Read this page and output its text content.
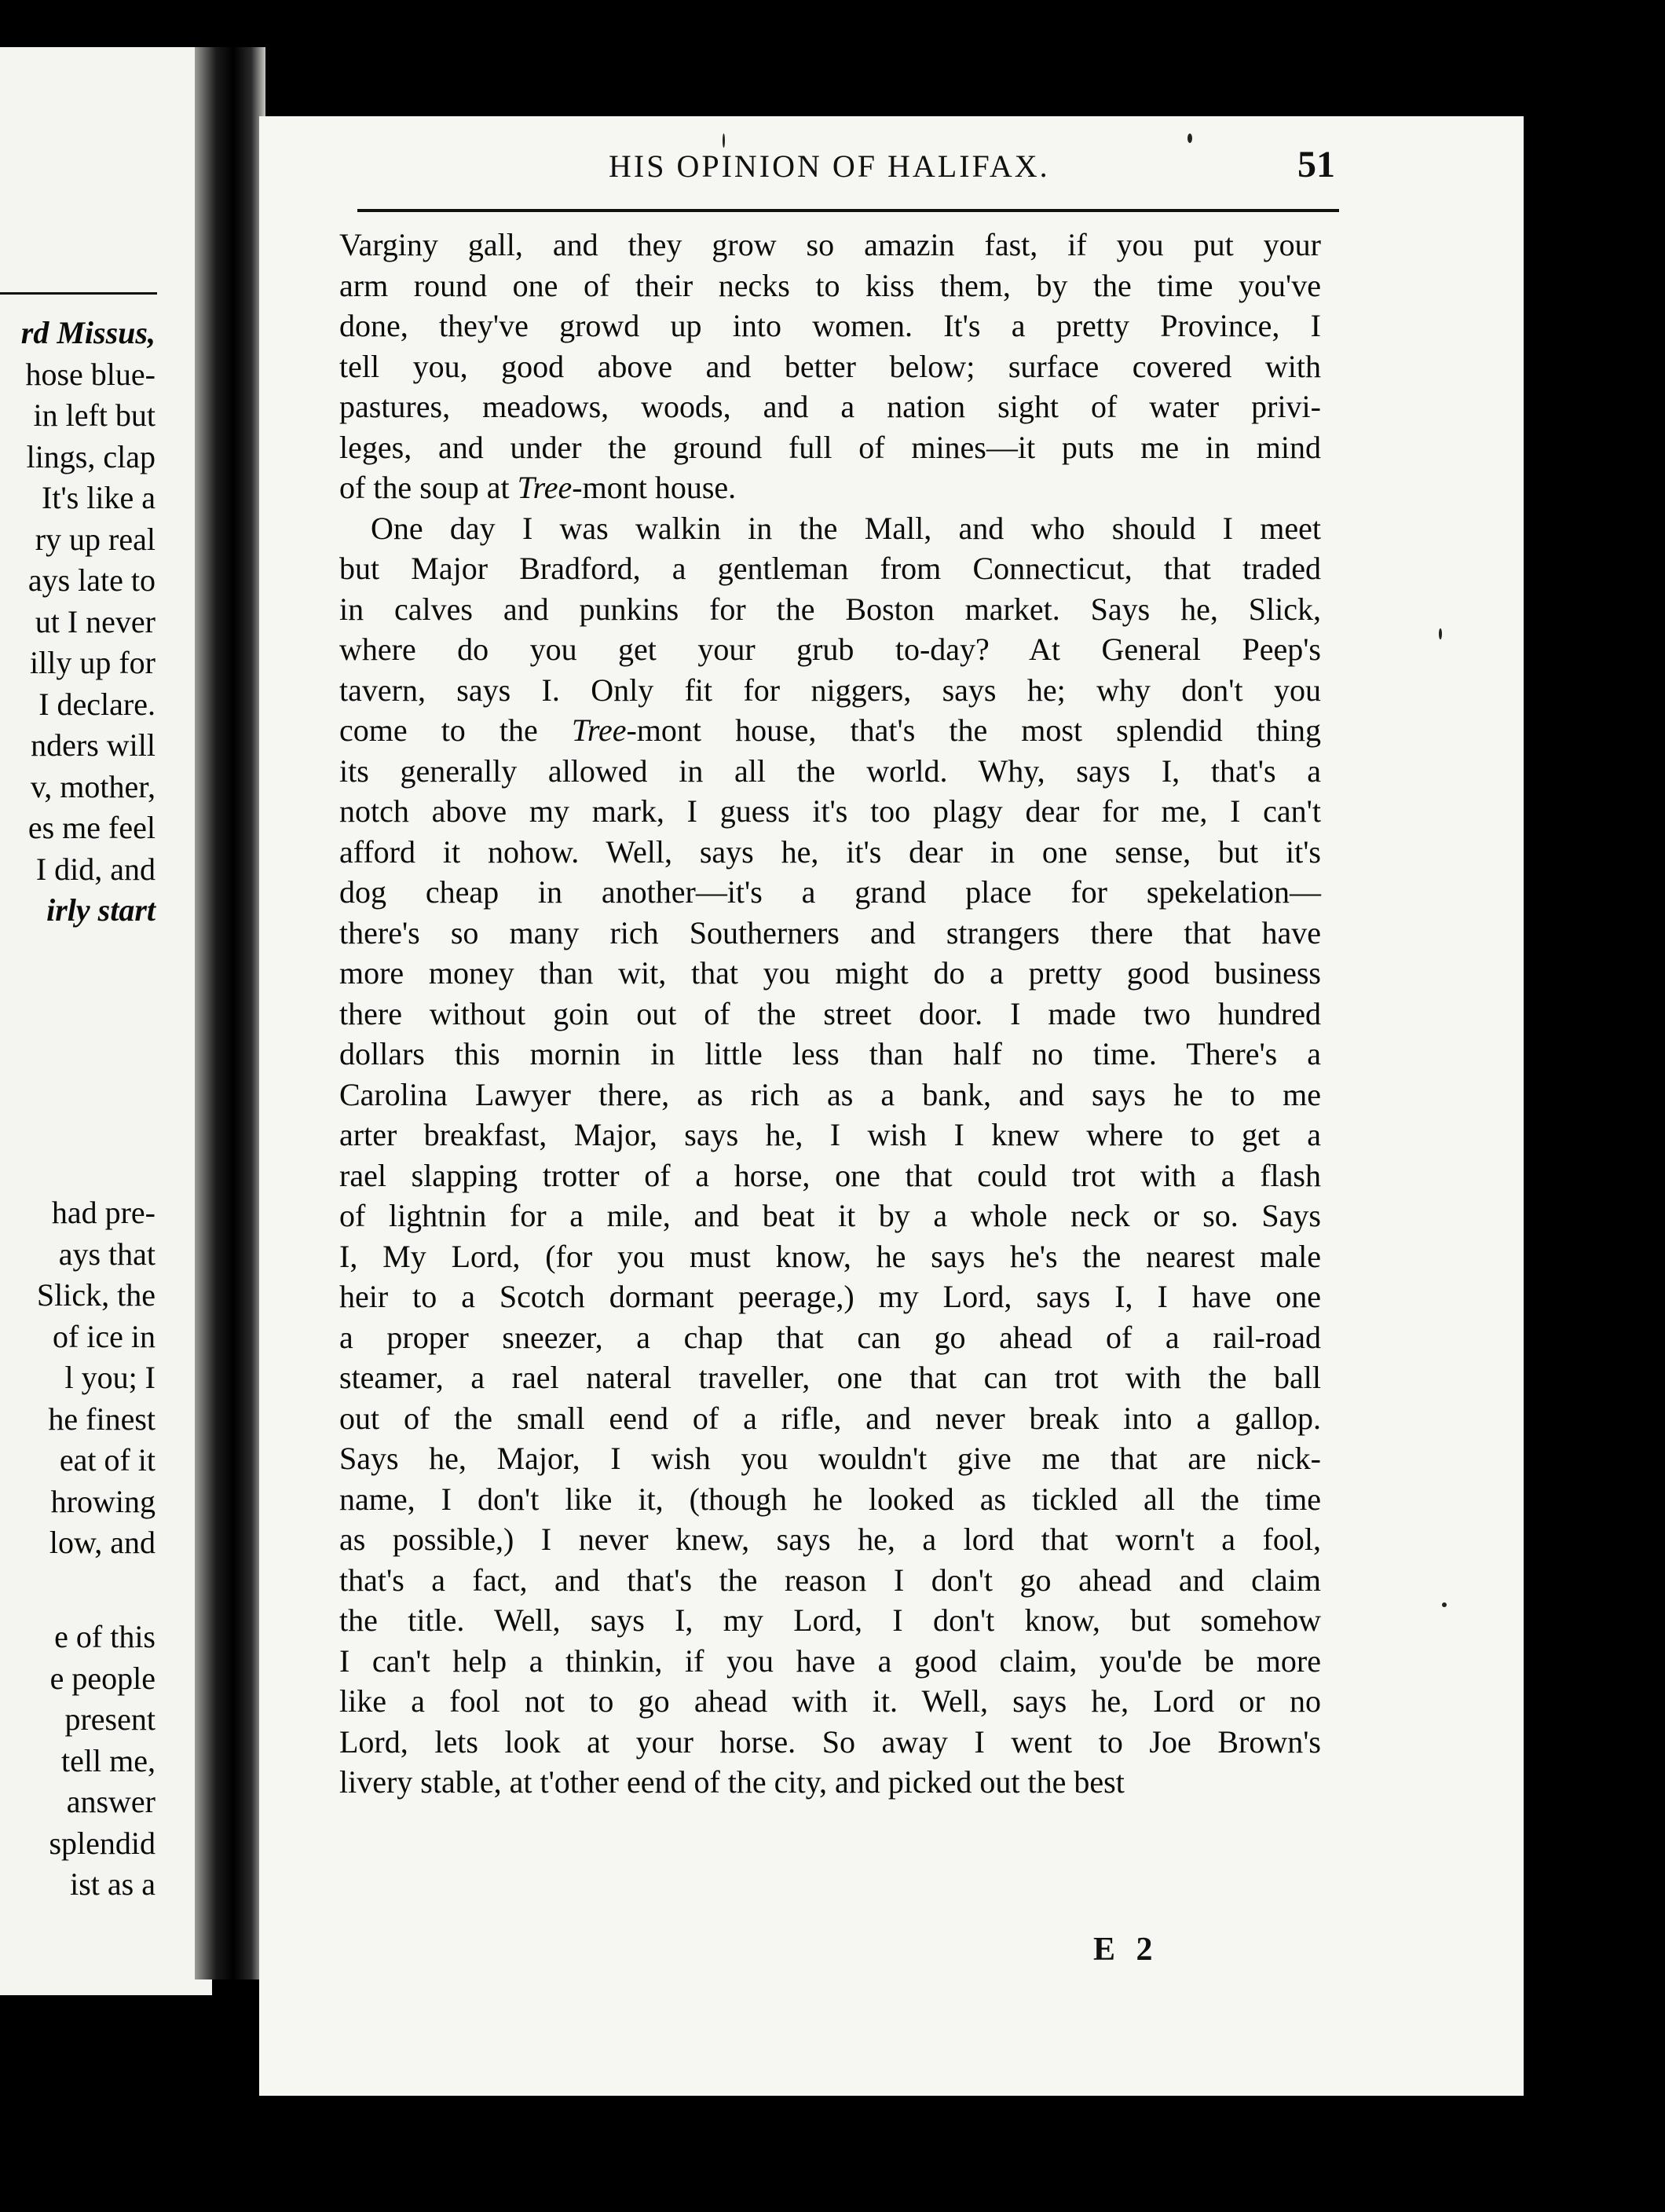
rd Missus,
hose blue-
in left but
lings, clap
It's like a
ry up real
ays late to
ut I never
illy up for
I declare.
nders will
v, mother,
es me feel
I did, and
irly start
had pre-
ays that
Slick, the
of ice in
l you; I
he finest
eat of it
hrowing
low, and
e of this
e people
present
tell me,
answer
splendid
ist as a
HIS OPINION OF HALIFAX.	51
Varginy gall, and they grow so amazin fast, if you put your
arm round one of their necks to kiss them, by the time you've
done, they've growd up into women. It's a pretty Province, I
tell you, good above and better below; surface covered with
pastures, meadows, woods, and a nation sight of water privi-
leges, and under the ground full of mines—it puts me in mind
of the soup at Tree-mont house.
One day I was walkin in the Mall, and who should I meet
but Major Bradford, a gentleman from Connecticut, that traded
in calves and punkins for the Boston market. Says he, Slick,
where do you get your grub to-day? At General Peep's
tavern, says I. Only fit for niggers, says he; why don't you
come to the Tree-mont house, that's the most splendid thing
its generally allowed in all the world. Why, says I, that's a
notch above my mark, I guess it's too plagy dear for me, I can't
afford it nohow. Well, says he, it's dear in one sense, but it's
dog cheap in another—it's a grand place for spekelation—
there's so many rich Southerners and strangers there that have
more money than wit, that you might do a pretty good business
there without goin out of the street door. I made two hundred
dollars this mornin in little less than half no time. There's a
Carolina Lawyer there, as rich as a bank, and says he to me
arter breakfast, Major, says he, I wish I knew where to get a
rael slapping trotter of a horse, one that could trot with a flash
of lightnin for a mile, and beat it by a whole neck or so. Says
I, My Lord, (for you must know, he says he's the nearest male
heir to a Scotch dormant peerage,) my Lord, says I, I have one
a proper sneezer, a chap that can go ahead of a rail-road
steamer, a rael nateral traveller, one that can trot with the ball
out of the small eend of a rifle, and never break into a gallop.
Says he, Major, I wish you wouldn't give me that are nick-
name, I don't like it, (though he looked as tickled all the time
as possible,) I never knew, says he, a lord that worn't a fool,
that's a fact, and that's the reason I don't go ahead and claim
the title. Well, says I, my Lord, I don't know, but somehow
I can't help a thinkin, if you have a good claim, you'de be more
like a fool not to go ahead with it. Well, says he, Lord or no
Lord, lets look at your horse. So away I went to Joe Brown's
livery stable, at t'other eend of the city, and picked out the best
E 2
